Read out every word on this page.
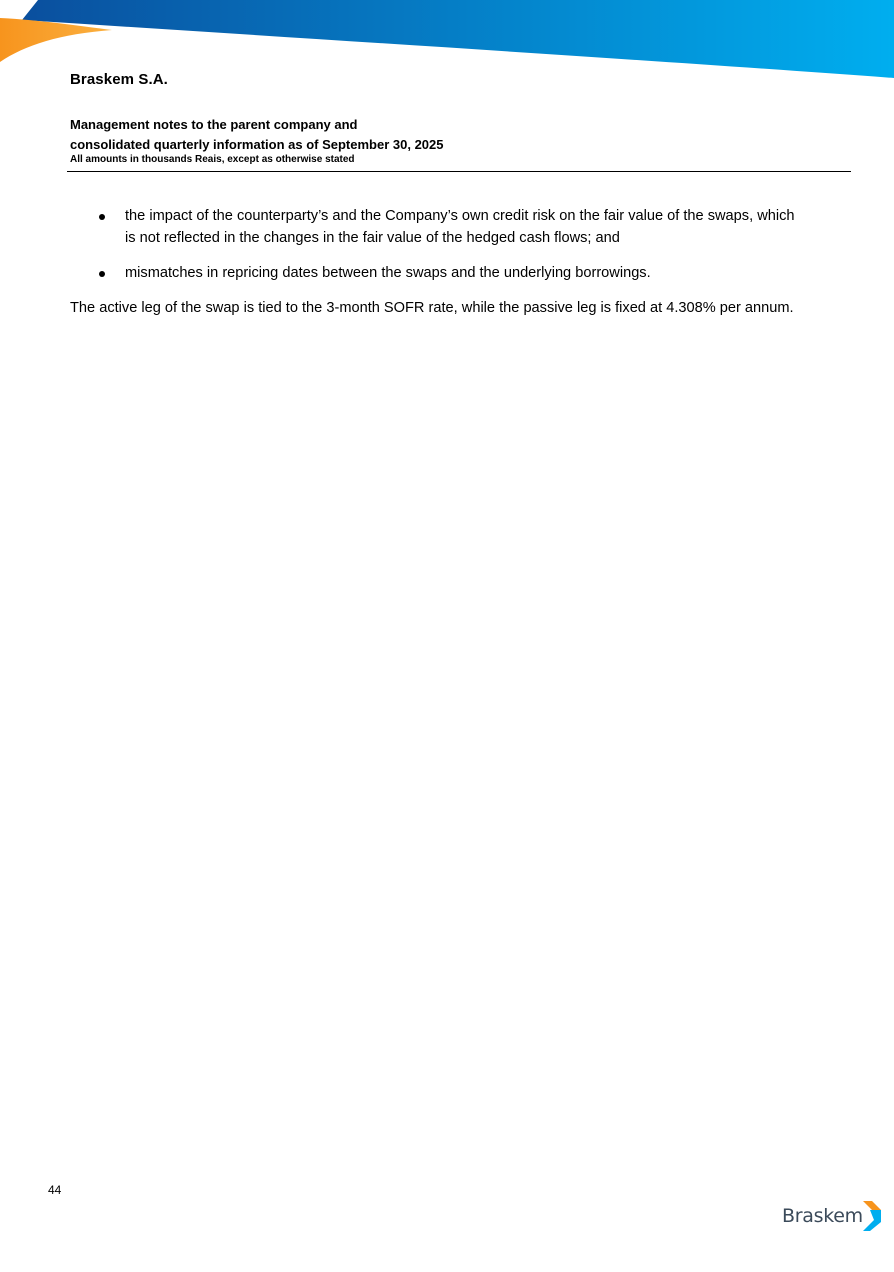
Braskem S.A.
Management notes to the parent company and
consolidated quarterly information as of September 30, 2025
All amounts in thousands Reais, except as otherwise stated
the impact of the counterparty’s and the Company’s own credit risk on the fair value of the swaps, which
is not reflected in the changes in the fair value of the hedged cash flows; and
mismatches in repricing dates between the swaps and the underlying borrowings.

The active leg of the swap is tied to the 3-month SOFR rate, while the passive leg is fixed at 4.308% per annum.

44
Braskem
